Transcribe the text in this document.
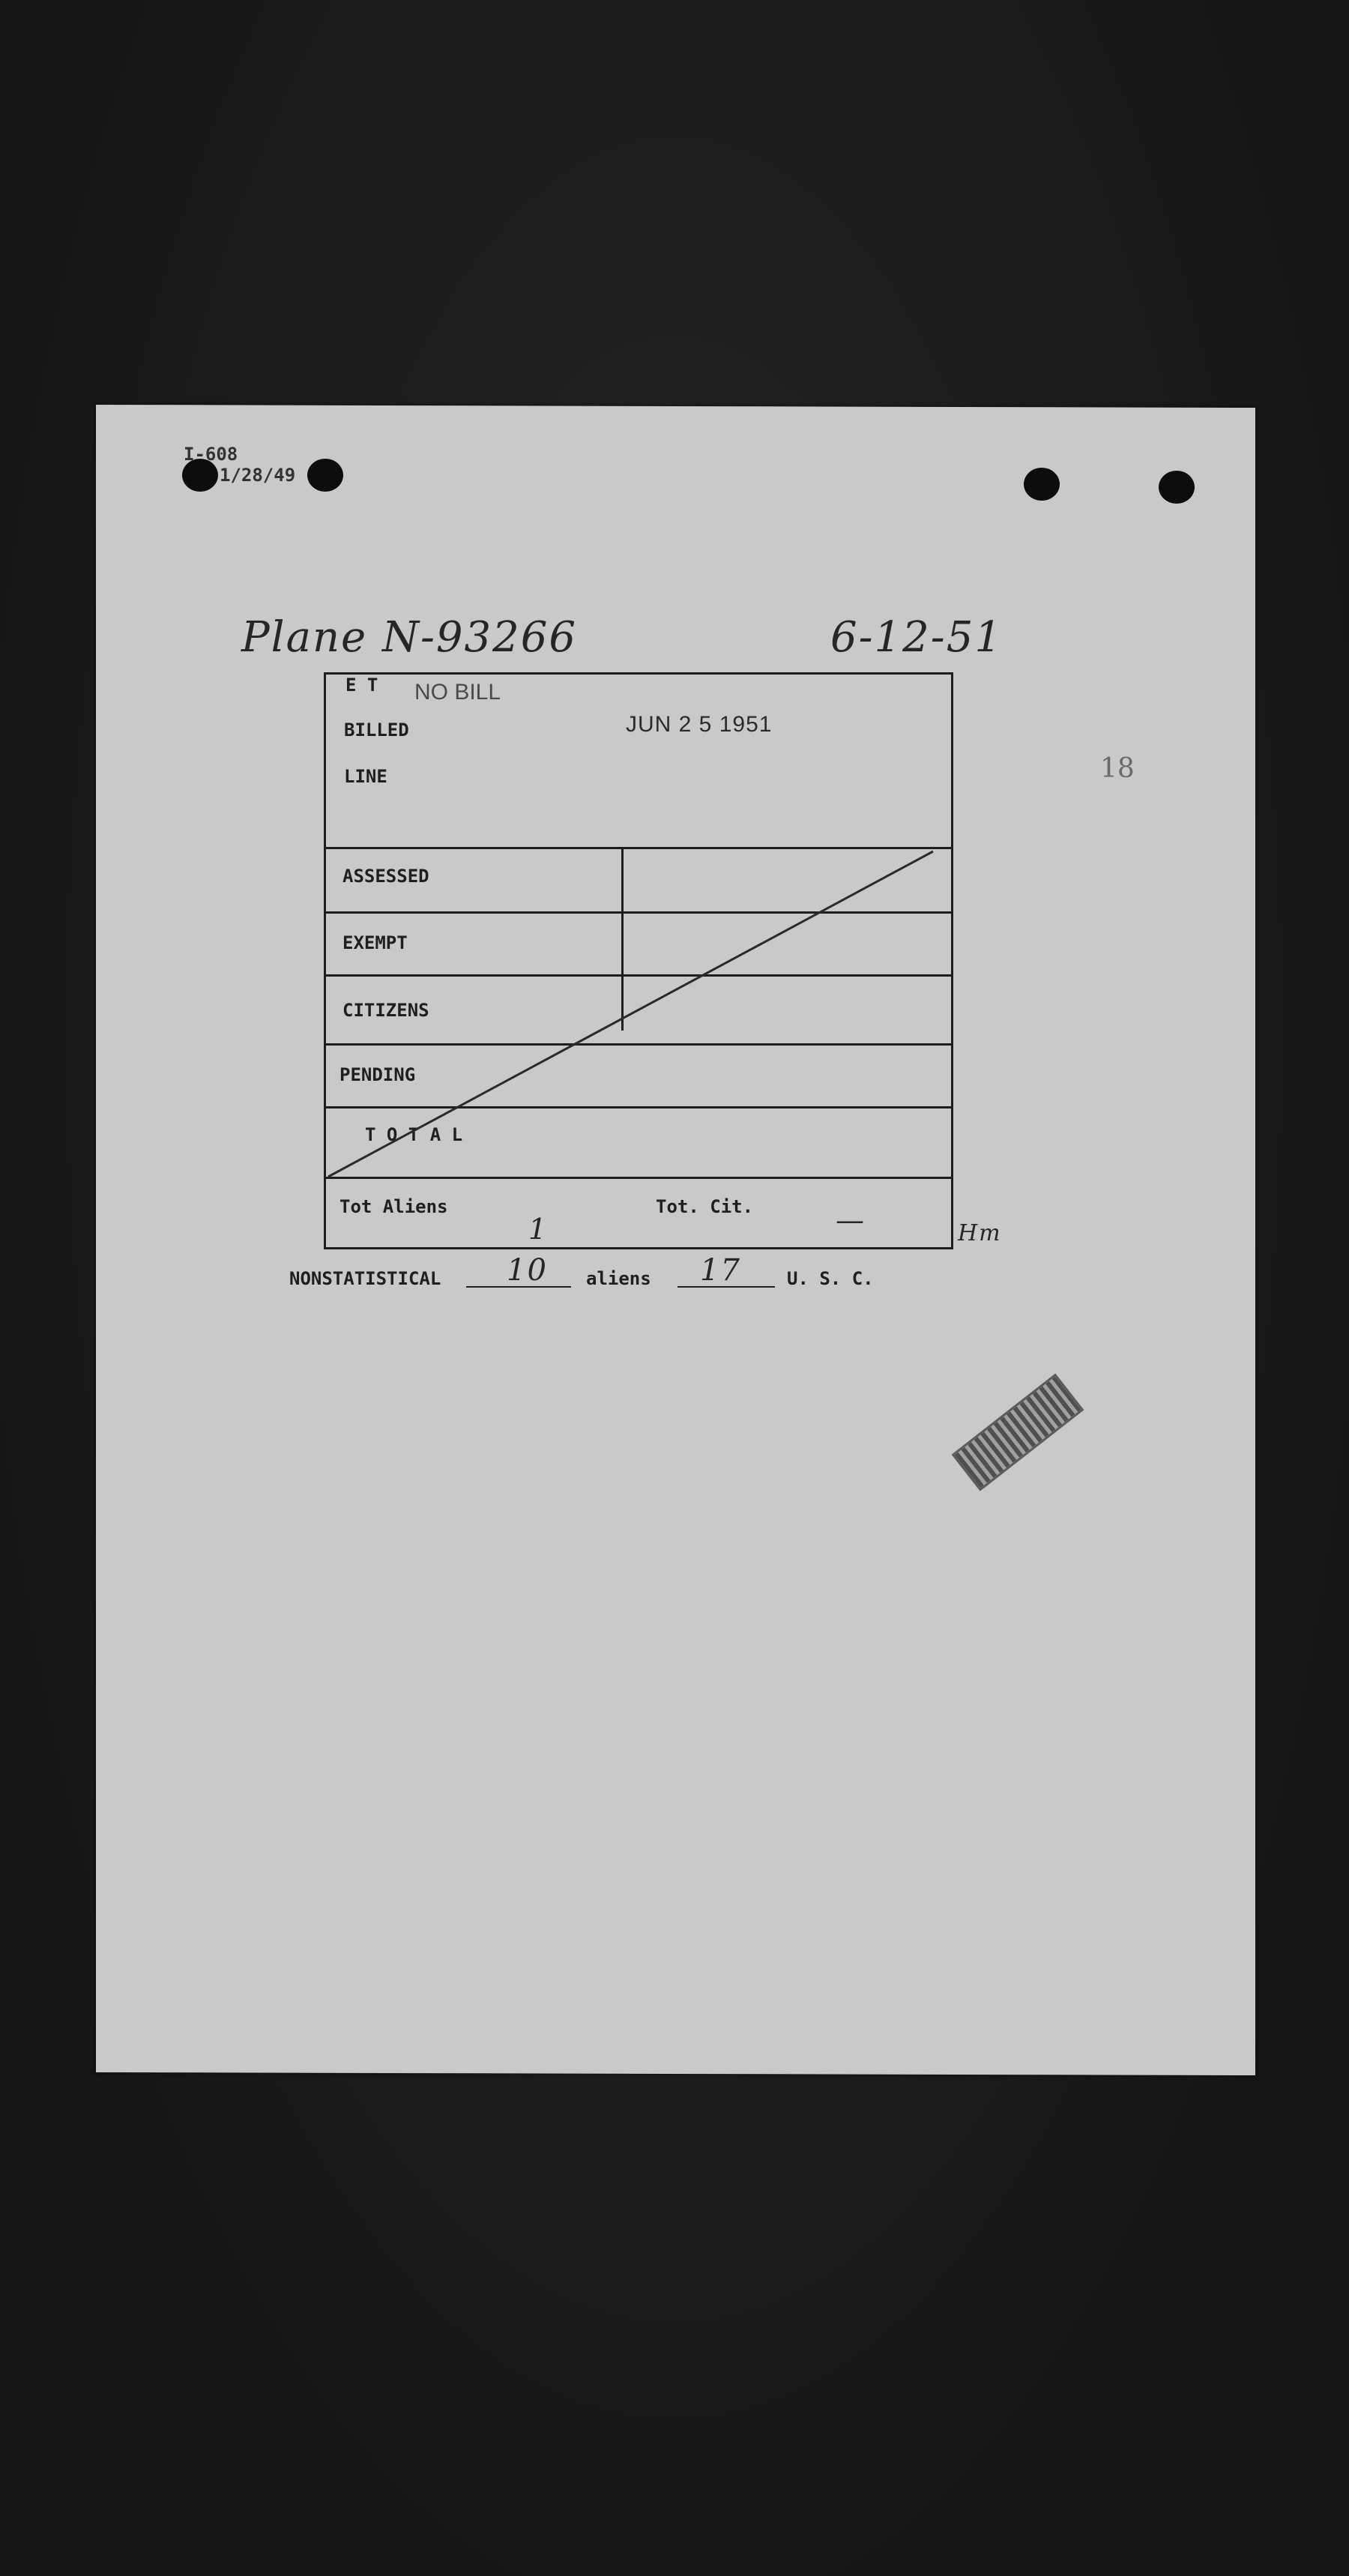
I-608
1/28/49
Plane N-93266	6-12-51
18
E T NO BILL
BILLED	JUN 2 5 1951
LINE
ASSESSED
EXEMPT
CITIZENS
PENDING
T O T A L
Tot Aliens	Tot. Cit.
1	—	Hm
NONSTATISTICAL 10 aliens 17	U. S. C.
